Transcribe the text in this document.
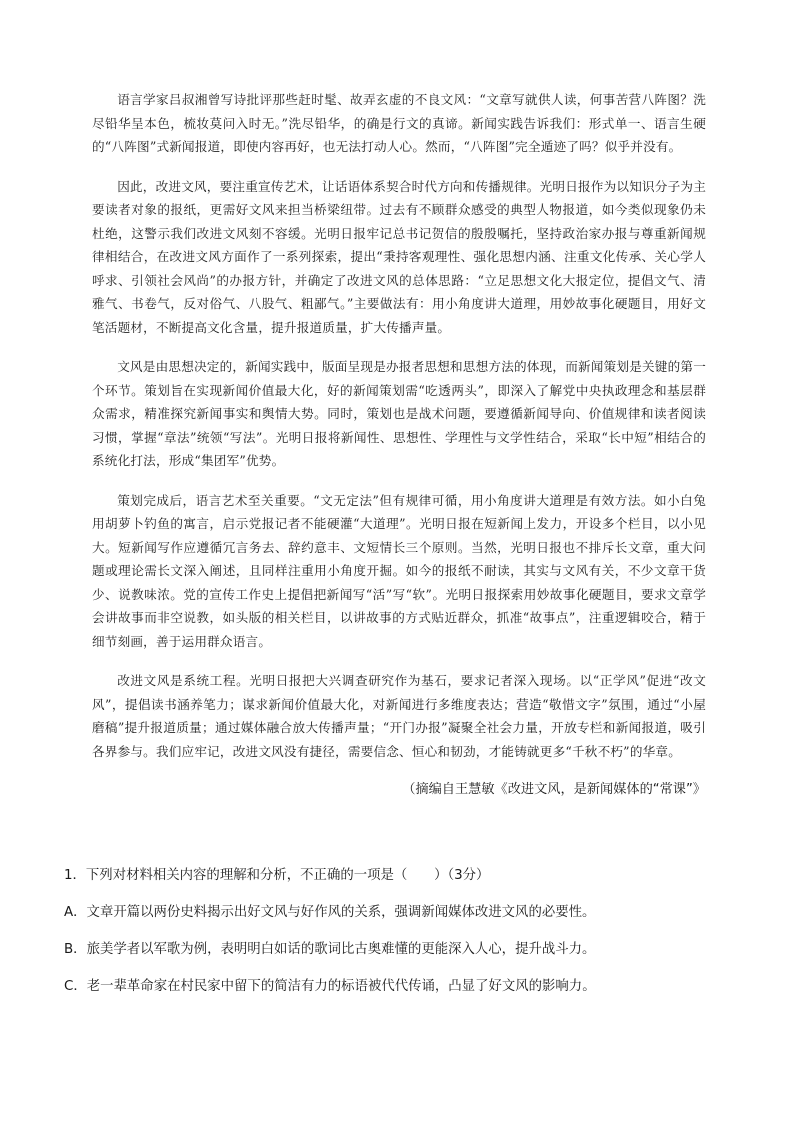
语言学家吕叔湘曾写诗批评那些赶时髦、故弄玄虚的不良文风：“文章写就供人读，何事苦营八阵图？洗尽铅华呈本色，梳妆莫问入时无。”洗尽铅华，的确是行文的真谛。新闻实践告诉我们：形式单一、语言生硬的“八阵图”式新闻报道，即使内容再好，也无法打动人心。然而，“八阵图”完全遁迹了吗？似乎并没有。

因此，改进文风，要注重宣传艺术，让话语体系契合时代方向和传播规律。光明日报作为以知识分子为主要读者对象的报纸，更需好文风来担当桥梁纽带。过去有不顾群众感受的典型人物报道，如今类似现象仍未杜绝，这警示我们改进文风刻不容缓。光明日报牢记总书记贺信的殷殷嘱托，坚持政治家办报与尊重新闻规律相结合，在改进文风方面作了一系列探索，提出“秉持客观理性、强化思想内涵、注重文化传承、关心学人呼求、引领社会风尚”的办报方针，并确定了改进文风的总体思路：“立足思想文化大报定位，提倡文气、清雅气、书卷气，反对俗气、八股气、粗鄙气。”主要做法有：用小角度讲大道理，用妙故事化硬题目，用好文笔活题材，不断提高文化含量，提升报道质量，扩大传播声量。

文风是由思想决定的，新闻实践中，版面呈现是办报者思想和思想方法的体现，而新闻策划是关键的第一个环节。策划旨在实现新闻价值最大化，好的新闻策划需“吃透两头”，即深入了解党中央执政理念和基层群众需求，精准探究新闻事实和舆情大势。同时，策划也是战术问题，要遵循新闻导向、价值规律和读者阅读习惯，掌握“章法”统领“写法”。光明日报将新闻性、思想性、学理性与文学性结合，采取“长中短”相结合的系统化打法，形成“集团军”优势。

策划完成后，语言艺术至关重要。“文无定法”但有规律可循，用小角度讲大道理是有效方法。如小白兔用胡萝卜钓鱼的寓言，启示党报记者不能硬灌“大道理”。光明日报在短新闻上发力，开设多个栏目，以小见大。短新闻写作应遵循冗言务去、辞约意丰、文短情长三个原则。当然，光明日报也不排斥长文章，重大问题或理论需长文深入阐述，且同样注重用小角度开掘。如今的报纸不耐读，其实与文风有关，不少文章干货少、说教味浓。党的宣传工作史上提倡把新闻写“活”写“软”。光明日报探索用妙故事化硬题目，要求文章学会讲故事而非空说教，如头版的相关栏目，以讲故事的方式贴近群众，抓准“故事点”，注重逻辑咬合，精于细节刻画，善于运用群众语言。

改进文风是系统工程。光明日报把大兴调查研究作为基石，要求记者深入现场。以“正学风”促进“改文风”，提倡读书涵养笔力；谋求新闻价值最大化，对新闻进行多维度表达；营造“敬惜文字”氛围，通过“小屋磨稿”提升报道质量；通过媒体融合放大传播声量；“开门办报”凝聚全社会力量，开放专栏和新闻报道，吸引各界参与。我们应牢记，改进文风没有捷径，需要信念、恒心和韧劲，才能铸就更多“千秋不朽”的华章。

（摘编自王慧敏《改进文风，是新闻媒体的“常课”》

1．下列对材料相关内容的理解和分析，不正确的一项是（　　）（3分）

A．文章开篇以两份史料揭示出好文风与好作风的关系，强调新闻媒体改进文风的必要性。

B．旅美学者以军歌为例，表明明白如话的歌词比古奥难懂的更能深入人心，提升战斗力。

C．老一辈革命家在村民家中留下的简洁有力的标语被代代传诵，凸显了好文风的影响力。
